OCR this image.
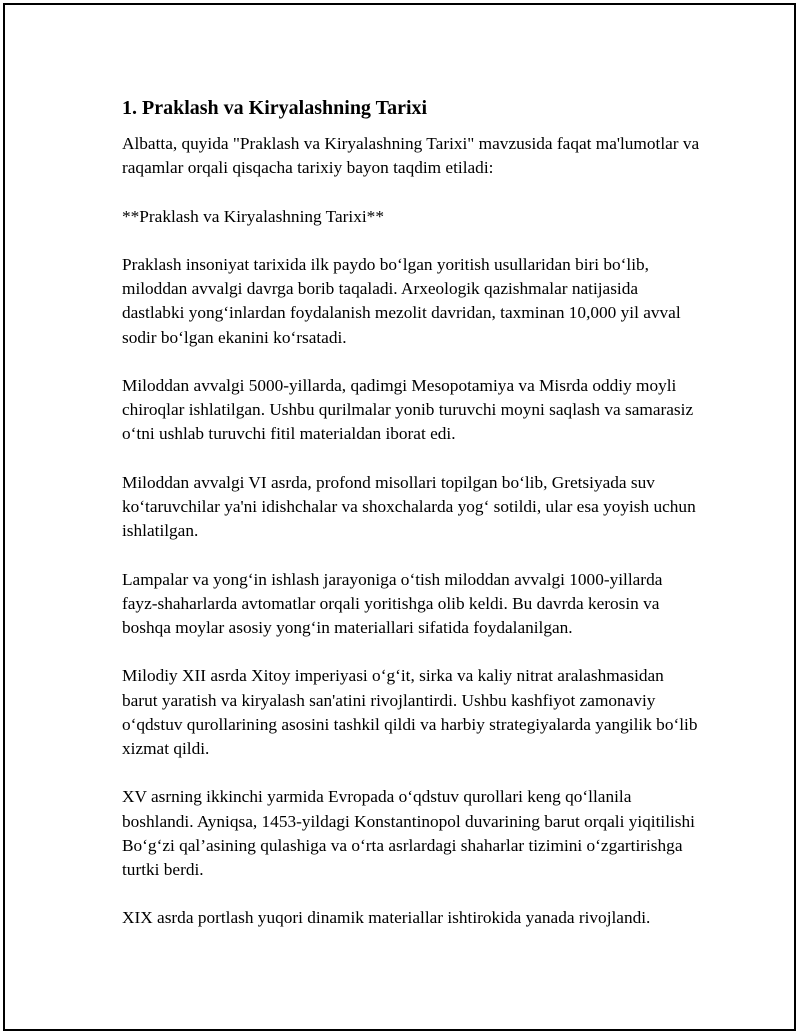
1. Praklash va Kiryalashning Tarixi

Albatta, quyida "Praklash va Kiryalashning Tarixi" mavzusida faqat ma'lumotlar va raqamlar orqali qisqacha tarixiy bayon taqdim etiladi:

**Praklash va Kiryalashning Tarixi**

Praklash insoniyat tarixida ilk paydo bo‘lgan yoritish usullaridan biri bo‘lib, miloddan avvalgi davrga borib taqaladi. Arxeologik qazishmalar natijasida dastlabki yong‘inlardan foydalanish mezolit davridan, taxminan 10,000 yil avval sodir bo‘lgan ekanini ko‘rsatadi.

Miloddan avvalgi 5000-yillarda, qadimgi Mesopotamiya va Misrda oddiy moyli chiroqlar ishlatilgan. Ushbu qurilmalar yonib turuvchi moyni saqlash va samarasiz o‘tni ushlab turuvchi fitil materialdan iborat edi.

Miloddan avvalgi VI asrda, profond misollari topilgan bo‘lib, Gretsiyada suv ko‘taruvchilar ya'ni idishchalar va shoxchalarda yog‘ sotildi, ular esa yoyish uchun ishlatilgan.

Lampalar va yong‘in ishlash jarayoniga o‘tish miloddan avvalgi 1000-yillarda fayz-shaharlarda avtomatlar orqali yoritishga olib keldi. Bu davrda kerosin va boshqa moylar asosiy yong‘in materiallari sifatida foydalanilgan.

Milodiy XII asrda Xitoy imperiyasi o‘g‘it, sirka va kaliy nitrat aralashmasidan barut yaratish va kiryalash san'atini rivojlantirdi. Ushbu kashfiyot zamonaviy o‘qdstuv qurollarining asosini tashkil qildi va harbiy strategiyalarda yangilik bo‘lib xizmat qildi.

XV asrning ikkinchi yarmida Evropada o‘qdstuv qurollari keng qo‘llanila boshlandi. Ayniqsa, 1453-yildagi Konstantinopol duvarining barut orqali yiqitilishi Bo‘g‘zi qal’asining qulashiga va o‘rta asrlardagi shaharlar tizimini o‘zgartirishga turtki berdi.

XIX asrda portlash yuqori dinamik materiallar ishtirokida yanada rivojlandi.
